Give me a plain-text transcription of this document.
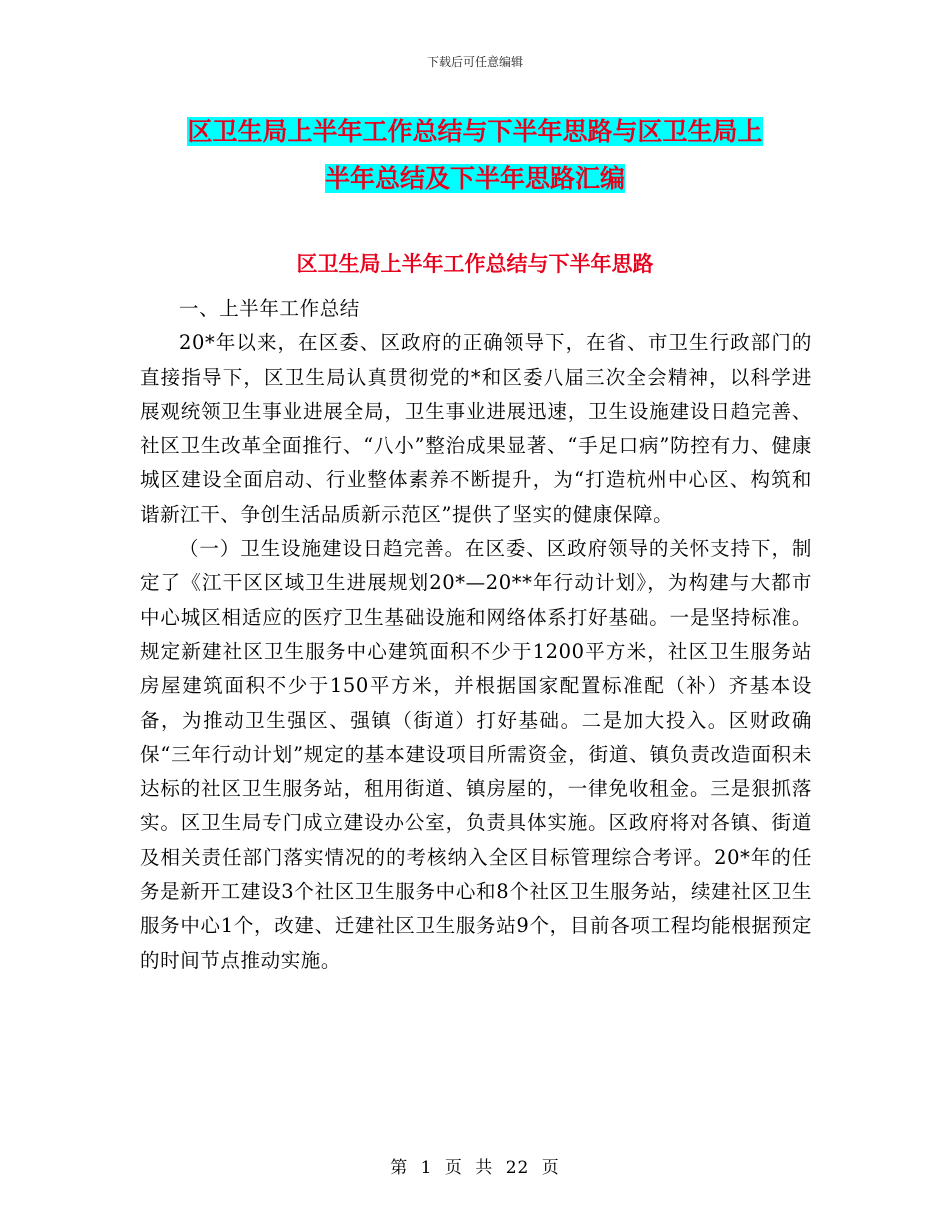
下载后可任意编辑
区卫生局上半年工作总结与下半年思路与区卫生局上
半年总结及下半年思路汇编
区卫生局上半年工作总结与下半年思路

一、上半年工作总结

20*年以来，在区委、区政府的正确领导下，在省、市卫生行政部门的直接指导下，区卫生局认真贯彻党的*和区委八届三次全会精神，以科学进展观统领卫生事业进展全局，卫生事业进展迅速，卫生设施建设日趋完善、社区卫生改革全面推行、“八小”整治成果显著、“手足口病”防控有力、健康城区建设全面启动、行业整体素养不断提升，为“打造杭州中心区、构筑和谐新江干、争创生活品质新示范区”提供了坚实的健康保障。

（一）卫生设施建设日趋完善。在区委、区政府领导的关怀支持下，制定了《江干区区域卫生进展规划20*—20**年行动计划》，为构建与大都市中心城区相适应的医疗卫生基础设施和网络体系打好基础。一是坚持标准。规定新建社区卫生服务中心建筑面积不少于1200平方米，社区卫生服务站房屋建筑面积不少于150平方米，并根据国家配置标准配（补）齐基本设备，为推动卫生强区、强镇（街道）打好基础。二是加大投入。区财政确保“三年行动计划”规定的基本建设项目所需资金，街道、镇负责改造面积未达标的社区卫生服务站，租用街道、镇房屋的，一律免收租金。三是狠抓落实。区卫生局专门成立建设办公室，负责具体实施。区政府将对各镇、街道及相关责任部门落实情况的的考核纳入全区目标管理综合考评。20*年的任务是新开工建设3个社区卫生服务中心和8个社区卫生服务站，续建社区卫生服务中心1个，改建、迁建社区卫生服务站9个，目前各项工程均能根据预定的时间节点推动实施。

第 1 页 共 22 页
